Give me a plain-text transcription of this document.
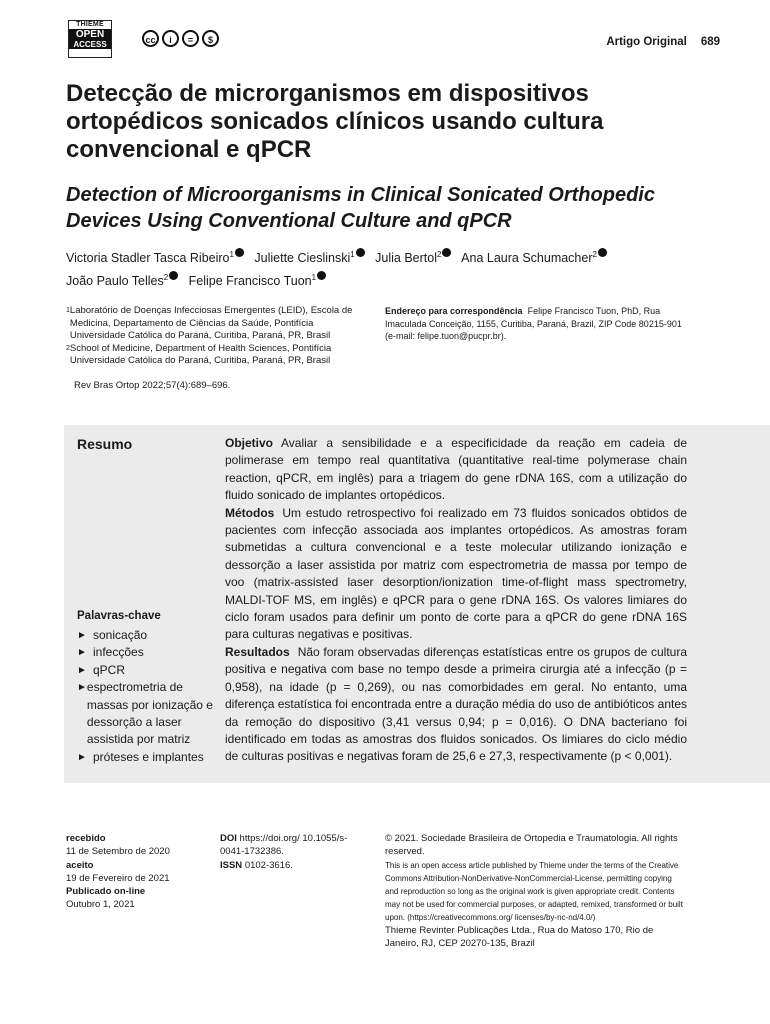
THIEME
OPEN
ACCESS	cc i = $	Artigo Original 689
Detecção de microrganismos em dispositivos ortopédicos sonicados clínicos usando cultura convencional e qPCR
Detection of Microorganisms in Clinical Sonicated Orthopedic Devices Using Conventional Culture and qPCR
Victoria Stadler Tasca Ribeiro$^1$ Juliette Cieslinski$^1$ Julia Bertol$^2$ Ana Laura Schumacher$^2$
João Paulo Telles$^2$ Felipe Francisco Tuon$^1$
1 Laboratório de Doenças Infecciosas Emergentes (LEID), Escola de Medicina, Departamento de Ciências da Saúde, Pontifícia Universidade Católica do Paraná, Curitiba, Paraná, PR, Brasil
2 School of Medicine, Department of Health Sciences, Pontifícia Universidade Católica do Paraná, Curitiba, Paraná, PR, Brasil
Endereço para correspondência Felipe Francisco Tuon, PhD, Rua Imaculada Conceição, 1155, Curitiba, Paraná, Brazil, ZIP Code 80215-901 (e-mail: felipe.tuon@pucpr.br).
Rev Bras Ortop 2022;57(4):689–696.
Resumo	Objetivo Avaliar a sensibilidade e a especificidade da reação em cadeia de polimerase em tempo real quantitativa (quantitative real-time polymerase chain reaction, qPCR, em inglês) para a triagem do gene rDNA 16S, com a utilização do fluido sonicado de implantes ortopédicos.

Métodos Um estudo retrospectivo foi realizado em 73 fluidos sonicados obtidos de pacientes com infecção associada aos implantes ortopédicos. As amostras foram submetidas a cultura convencional e a teste molecular utilizando ionização e dessorção a laser assistida por matriz com espectrometria de massa por tempo de voo (matrix-assisted laser desorption/ionization time-of-flight mass spectrometry, MALDI-TOF MS, em inglês) e qPCR para o gene rDNA 16S. Os valores limiares do ciclo foram usados para definir um ponto de corte para a qPCR do gene rDNA 16S para culturas negativas e positivas.

Resultados Não foram observadas diferenças estatísticas entre os grupos de cultura positiva e negativa com base no tempo desde a primeira cirurgia até a infecção (p = 0,958), na idade (p = 0,269), ou nas comorbidades em geral. No entanto, uma diferença estatística foi encontrada entre a duração média do uso de antibióticos antes da remoção do dispositivo (3,41 versus 0,94; p = 0,016). O DNA bacteriano foi identificado em todas as amostras dos fluidos sonicados. Os limiares do ciclo médio de culturas positivas e negativas foram de 25,6 e 27,3, respectivamente (p < 0,001).

Palavras-chave
► sonicação
► infecções
► qPCR
► espectrometria de massas por ionização e dessorção a laser assistida por matriz
► próteses e implantes
recebido
11 de Setembro de 2020
aceito
19 de Fevereiro de 2021
Publicado on-line
Outubro 1, 2021
DOI https://doi.org/ 10.1055/s-0041-1732386.
ISSN 0102-3616.
© 2021. Sociedade Brasileira de Ortopedia e Traumatologia. All rights reserved.
This is an open access article published by Thieme under the terms of the Creative Commons Attribution-NonDerivative-NonCommercial-License, permitting copying and reproduction so long as the original work is given appropriate credit. Contents may not be used for commercial purposes, or adapted, remixed, transformed or built upon. (https://creativecommons.org/ licenses/by-nc-nd/4.0/)
Thieme Revinter Publicações Ltda., Rua do Matoso 170, Rio de Janeiro, RJ, CEP 20270-135, Brazil
